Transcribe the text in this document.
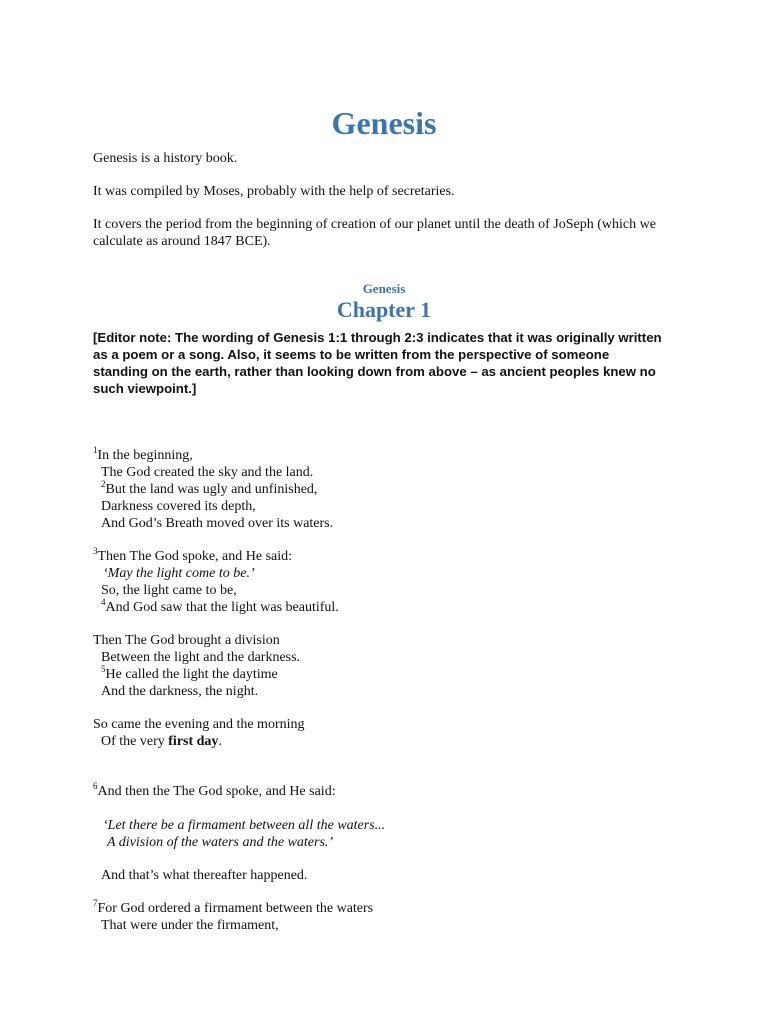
Genesis
Genesis is a history book.
It was compiled by Moses, probably with the help of secretaries.
It covers the period from the beginning of creation of our planet until the death of JoSeph (which we calculate as around 1847 BCE).
Genesis
Chapter 1

[Editor note: The wording of Genesis 1:1 through 2:3 indicates that it was originally written as a poem or a song. Also, it seems to be written from the perspective of someone standing on the earth, rather than looking down from above – as ancient peoples knew no such viewpoint.]

$^1$In the beginning,
The God created the sky and the land.
$^2$But the land was ugly and unfinished,
Darkness covered its depth,
And God’s Breath moved over its waters.
$^3$Then The God spoke, and He said:
‘May the light come to be.’
So, the light came to be,
$^4$And God saw that the light was beautiful.
Then The God brought a division
Between the light and the darkness.
$^5$He called the light the daytime
And the darkness, the night.
So came the evening and the morning
Of the very first day.
$^6$And then the The God spoke, and He said:
‘Let there be a firmament between all the waters...
A division of the waters and the waters.’
And that’s what thereafter happened.
$^7$For God ordered a firmament between the waters
That were under the firmament,
